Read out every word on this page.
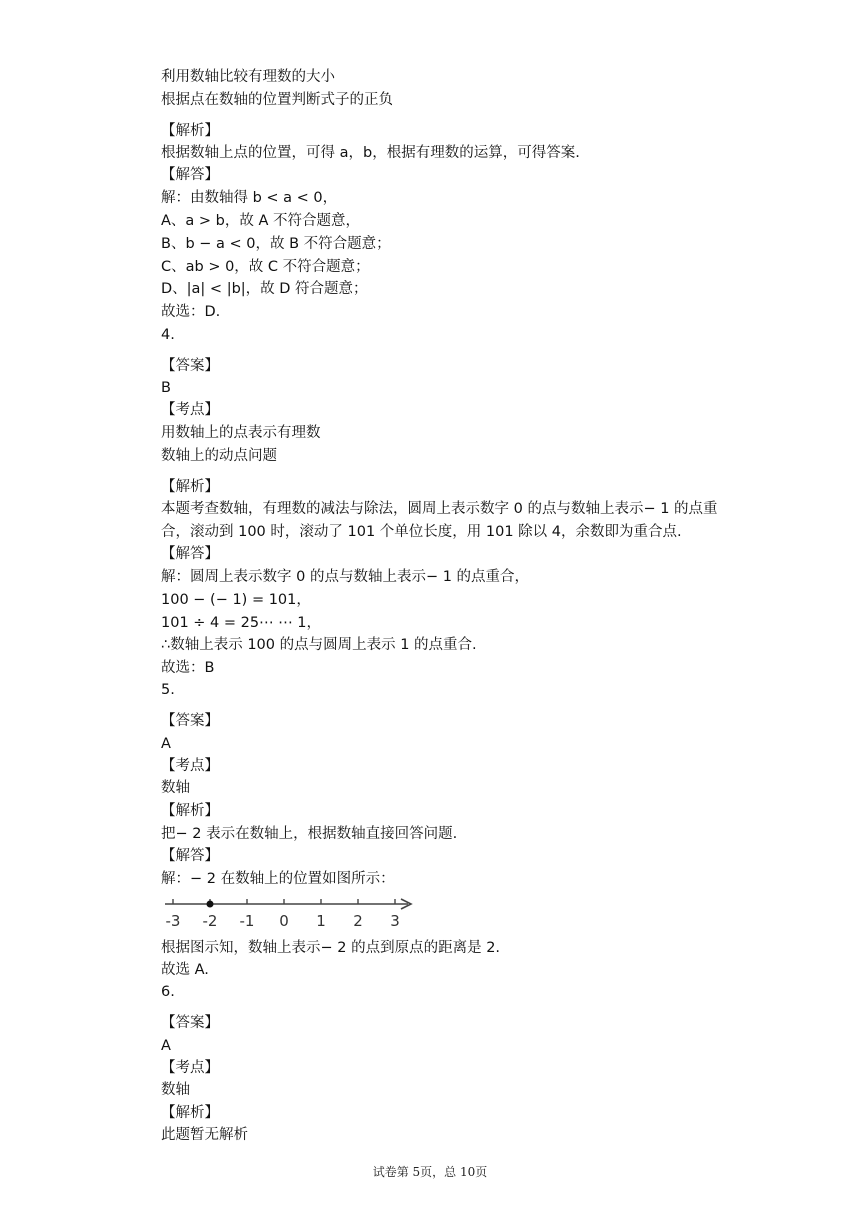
利用数轴比较有理数的大小
根据点在数轴的位置判断式子的正负
【解析】
根据数轴上点的位置，可得 a，b，根据有理数的运算，可得答案.
【解答】
解：由数轴得 b < a < 0，
A、a > b，故 A 不符合题意，
B、b − a < 0，故 B 不符合题意；
C、ab > 0，故 C 不符合题意；
D、|a| < |b|，故 D 符合题意；
故选：D.
4.
【答案】
B
【考点】
用数轴上的点表示有理数
数轴上的动点问题
【解析】
本题考查数轴，有理数的减法与除法，圆周上表示数字 0 的点与数轴上表示− 1 的点重
合，滚动到 100 时，滚动了 101 个单位长度，用 101 除以 4，余数即为重合点.
【解答】
解：圆周上表示数字 0 的点与数轴上表示− 1 的点重合，
100 − (− 1) = 101，
101 ÷ 4 = 25⋯ ⋯ 1，
∴数轴上表示 100 的点与圆周上表示 1 的点重合.
故选：B
5.
【答案】
A
【考点】
数轴
【解析】
把− 2 表示在数轴上，根据数轴直接回答问题.
【解答】
解：− 2 在数轴上的位置如图所示：
-3 -2 -1 0 1 2 3
根据图示知，数轴上表示− 2 的点到原点的距离是 2.
故选 A.
6.
【答案】
A
【考点】
数轴
【解析】
此题暂无解析
试卷第 5页，总 10页
